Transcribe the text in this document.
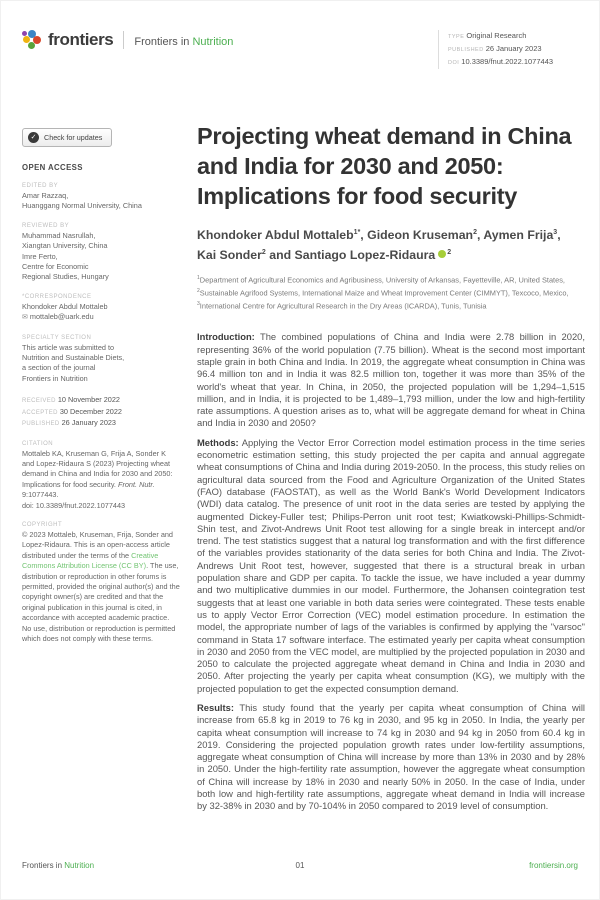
frontiers Frontiers in Nutrition	TYPE Original Research
PUBLISHED 26 January 2023
DOI 10.3389/fnut.2022.1077443
✓	Check for updates
OPEN ACCESS
EDITED BY
Amar Razzaq,
Huanggang Normal University, China
REVIEWED BY
Muhammad Nasrullah,
Xiangtan University, China
Imre Ferto,
Centre for Economic
Regional Studies, Hungary
*CORRESPONDENCE
Khondoker Abdul Mottaleb
✉ mottaleb@uark.edu
SPECIALTY SECTION
This article was submitted to
Nutrition and Sustainable Diets,
a section of the journal
Frontiers in Nutrition
RECEIVED 10 November 2022
ACCEPTED 30 December 2022
PUBLISHED 26 January 2023
CITATION
Mottaleb KA, Kruseman G, Frija A, Sonder K and Lopez-Ridaura S (2023) Projecting wheat demand in China and India for 2030 and 2050: Implications for food security. Front. Nutr. 9:1077443.
doi: 10.3389/fnut.2022.1077443
COPYRIGHT
© 2023 Mottaleb, Kruseman, Frija, Sonder and Lopez-Ridaura. This is an open-access article distributed under the terms of the Creative Commons Attribution License (CC BY). The use, distribution or reproduction in other forums is permitted, provided the original author(s) and the copyright owner(s) are credited and that the original publication in this journal is cited, in accordance with accepted academic practice. No use, distribution or reproduction is permitted which does not comply with these terms.
Projecting wheat demand in China and India for 2030 and 2050: Implications for food security
Khondoker Abdul Mottaleb$^{1*}$, Gideon Kruseman$^2$, Aymen Frija$^3$,
Kai Sonder$^2$ and Santiago Lopez-Ridaura $^2$
$^1$Department of Agricultural Economics and Agribusiness, University of Arkansas, Fayetteville, AR, United States, $^2$Sustainable Agrifood Systems, International Maize and Wheat Improvement Center (CIMMYT), Texcoco, Mexico, $^3$International Centre for Agricultural Research in the Dry Areas (ICARDA), Tunis, Tunisia

Introduction: The combined populations of China and India were 2.78 billion in 2020, representing 36% of the world population (7.75 billion). Wheat is the second most important staple grain in both China and India. In 2019, the aggregate wheat consumption in China was 96.4 million ton and in India it was 82.5 million ton, together it was more than 35% of the world's wheat that year. In China, in 2050, the projected population will be 1,294–1,515 million, and in India, it is projected to be 1,489–1,793 million, under the low and high-fertility rate assumptions. A question arises as to, what will be aggregate demand for wheat in China and India in 2030 and 2050?

Methods: Applying the Vector Error Correction model estimation process in the time series econometric estimation setting, this study projected the per capita and annual aggregate wheat consumptions of China and India during 2019-2050. In the process, this study relies on agricultural data sourced from the Food and Agriculture Organization of the United States (FAO) database (FAOSTAT), as well as the World Bank's World Development Indicators (WDI) data catalog. The presence of unit root in the data series are tested by applying the augmented Dickey-Fuller test; Philips-Perron unit root test; Kwiatkowski-Phillips-Schmidt-Shin test, and Zivot-Andrews Unit Root test allowing for a single break in intercept and/or trend. The test statistics suggest that a natural log transformation and with the first difference of the variables provides stationarity of the data series for both China and India. The Zivot-Andrews Unit Root test, however, suggested that there is a structural break in urban population share and GDP per capita. To tackle the issue, we have included a year dummy and two multiplicative dummies in our model. Furthermore, the Johansen cointegration test suggests that at least one variable in both data series were cointegrated. These tests enable us to apply Vector Error Correction (VEC) model estimation procedure. In estimation the model, the appropriate number of lags of the variables is confirmed by applying the "varsoc" command in Stata 17 software interface. The estimated yearly per capita wheat consumption in 2030 and 2050 from the VEC model, are multiplied by the projected population in 2030 and 2050 to calculate the projected aggregate wheat demand in China and India in 2030 and 2050. After projecting the yearly per capita wheat consumption (KG), we multiply with the projected population to get the expected consumption demand.

Results: This study found that the yearly per capita wheat consumption of China will increase from 65.8 kg in 2019 to 76 kg in 2030, and 95 kg in 2050. In India, the yearly per capita wheat consumption will increase to 74 kg in 2030 and 94 kg in 2050 from 60.4 kg in 2019. Considering the projected population growth rates under low-fertility assumptions, aggregate wheat consumption of China will increase by more than 13% in 2030 and by 28% in 2050. Under the high-fertility rate assumption, however the aggregate wheat consumption of China will increase by 18% in 2030 and nearly 50% in 2050. In the case of India, under both low and high-fertility rate assumptions, aggregate wheat demand in India will increase by 32-38% in 2030 and by 70-104% in 2050 compared to 2019 level of consumption.

Frontiers in Nutrition	01	frontiersin.org
